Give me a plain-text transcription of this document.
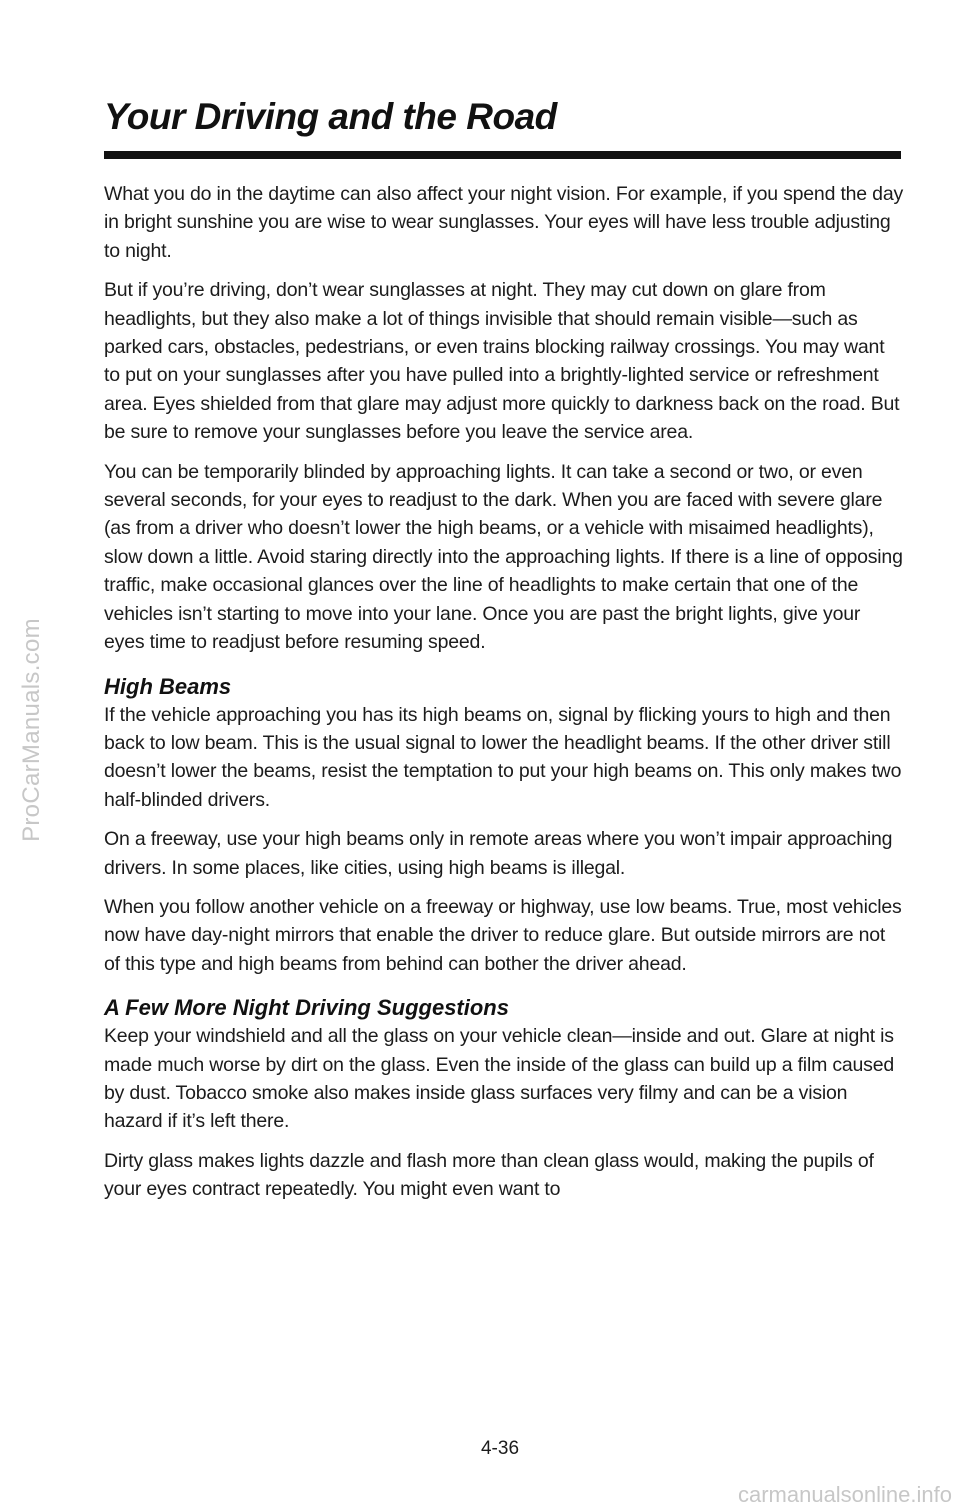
Your Driving and the Road

What you do in the daytime can also affect your night vision. For example, if you spend the day in bright sunshine you are wise to wear sunglasses. Your eyes will have less trouble adjusting to night.

But if you’re driving, don’t wear sunglasses at night. They may cut down on glare from headlights, but they also make a lot of things invisible that should remain visible—such as parked cars, obstacles, pedestrians, or even trains blocking railway crossings. You may want to put on your sunglasses after you have pulled into a brightly-lighted service or refreshment area. Eyes shielded from that glare may adjust more quickly to darkness back on the road. But be sure to remove your sunglasses before you leave the service area.

You can be temporarily blinded by approaching lights. It can take a second or two, or even several seconds, for your eyes to readjust to the dark. When you are faced with severe glare (as from a driver who doesn’t lower the high beams, or a vehicle with misaimed headlights), slow down a little. Avoid staring directly into the approaching lights. If there is a line of opposing traffic, make occasional glances over the line of headlights to make certain that one of the vehicles isn’t starting to move into your lane. Once you are past the bright lights, give your eyes time to readjust before resuming speed.

High Beams

If the vehicle approaching you has its high beams on, signal by flicking yours to high and then back to low beam. This is the usual signal to lower the headlight beams. If the other driver still doesn’t lower the beams, resist the temptation to put your high beams on. This only makes two half-blinded drivers.

On a freeway, use your high beams only in remote areas where you won’t impair approaching drivers. In some places, like cities, using high beams is illegal.

When you follow another vehicle on a freeway or highway, use low beams. True, most vehicles now have day-night mirrors that enable the driver to reduce glare. But outside mirrors are not of this type and high beams from behind can bother the driver ahead.

A Few More Night Driving Suggestions

Keep your windshield and all the glass on your vehicle clean—inside and out. Glare at night is made much worse by dirt on the glass. Even the inside of the glass can build up a film caused by dust. Tobacco smoke also makes inside glass surfaces very filmy and can be a vision hazard if it’s left there.

Dirty glass makes lights dazzle and flash more than clean glass would, making the pupils of your eyes contract repeatedly. You might even want to

4-36
ProCarManuals.com
carmanualsonline.info
